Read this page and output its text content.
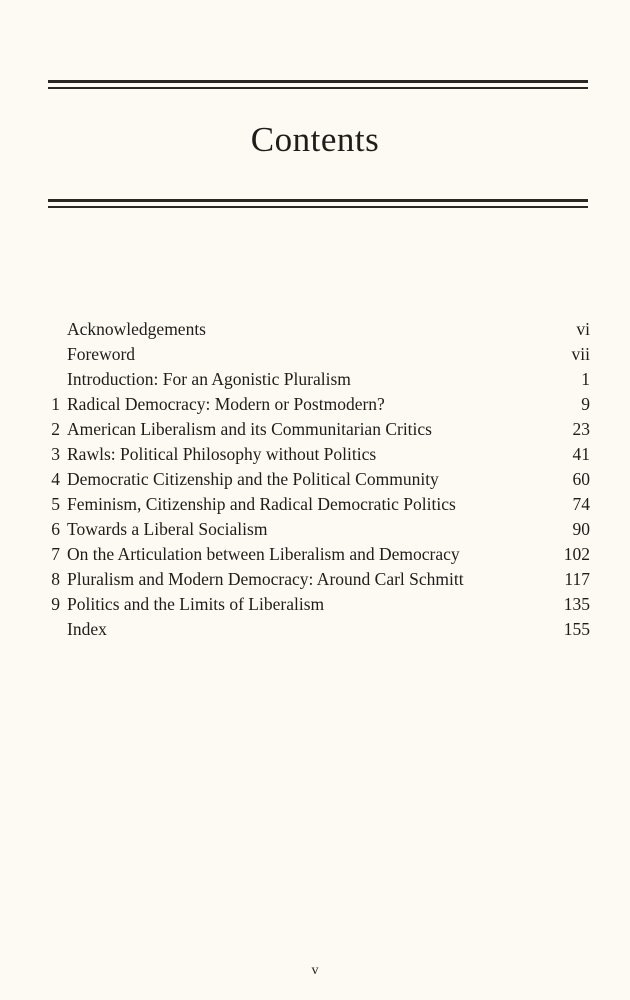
Contents
Acknowledgements	vi
Foreword	vii
Introduction: For an Agonistic Pluralism	1
1 Radical Democracy: Modern or Postmodern?	9
2 American Liberalism and its Communitarian Critics	23
3 Rawls: Political Philosophy without Politics	41
4 Democratic Citizenship and the Political Community	60
5 Feminism, Citizenship and Radical Democratic Politics	74
6 Towards a Liberal Socialism	90
7 On the Articulation between Liberalism and Democracy	102
8 Pluralism and Modern Democracy: Around Carl Schmitt	117
9 Politics and the Limits of Liberalism	135
Index	155
v
